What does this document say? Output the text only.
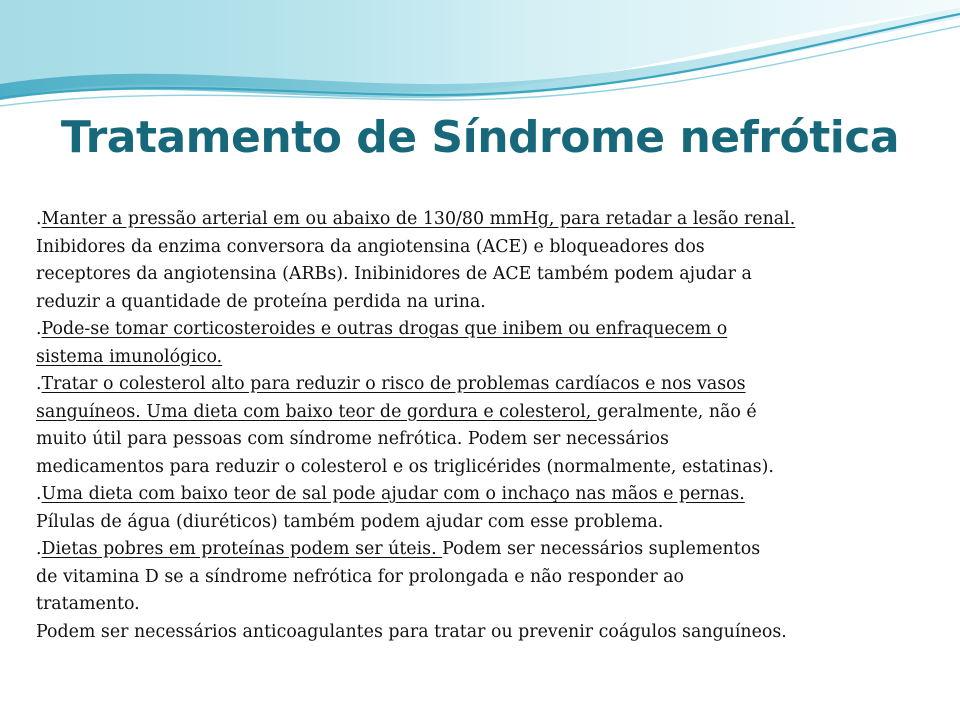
Tratamento de Síndrome nefrótica
.Manter a pressão arterial em ou abaixo de 130/80 mmHg, para retadar a lesão renal.
Inibidores da enzima conversora da angiotensina (ACE) e bloqueadores dos
receptores da angiotensina (ARBs). Inibinidores de ACE também podem ajudar a
reduzir a quantidade de proteína perdida na urina.
.Pode-se tomar corticosteroides e outras drogas que inibem ou enfraquecem o
sistema imunológico.
.Tratar o colesterol alto para reduzir o risco de problemas cardíacos e nos vasos
sanguíneos. Uma dieta com baixo teor de gordura e colesterol, geralmente, não é
muito útil para pessoas com síndrome nefrótica. Podem ser necessários
medicamentos para reduzir o colesterol e os triglicérides (normalmente, estatinas).
.Uma dieta com baixo teor de sal pode ajudar com o inchaço nas mãos e pernas.
Pílulas de água (diuréticos) também podem ajudar com esse problema.
.Dietas pobres em proteínas podem ser úteis. Podem ser necessários suplementos
de vitamina D se a síndrome nefrótica for prolongada e não responder ao
tratamento.
Podem ser necessários anticoagulantes para tratar ou prevenir coágulos sanguíneos.
